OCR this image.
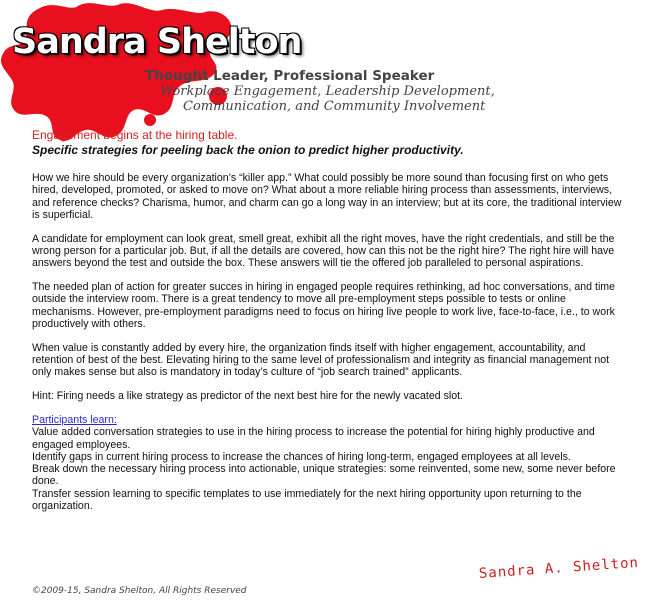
Sandra Shelton
Thought Leader, Professional Speaker
Workplace Engagement, Leadership Development,
Communication, and Community Involvement
Engagement begins at the hiring table.
Specific strategies for peeling back the onion to predict higher productivity.

How we hire should be every organization’s “killer app.” What could possibly be more sound than focusing first on who gets hired, developed, promoted, or asked to move on? What about a more reliable hiring process than assessments, interviews, and reference checks? Charisma, humor, and charm can go a long way in an interview; but at its core, the traditional interview is superficial.

A candidate for employment can look great, smell great, exhibit all the right moves, have the right credentials, and still be the wrong person for a particular job. But, if all the details are covered, how can this not be the right hire? The right hire will have answers beyond the test and outside the box. These answers will tie the offered job paralleled to personal aspirations.

The needed plan of action for greater succes in hiring in engaged people requires rethinking, ad hoc conversations, and time outside the interview room. There is a great tendency to move all pre-employment steps possible to tests or online mechanisms. However, pre-employment paradigms need to focus on hiring live people to work live, face-to-face, i.e., to work productively with others.

When value is constantly added by every hire, the organization finds itself with higher engagement, accountability, and retention of best of the best. Elevating hiring to the same level of professionalism and integrity as financial management not only makes sense but also is mandatory in today’s culture of “job search trained” applicants.

Hint: Firing needs a like strategy as predictor of the next best hire for the newly vacated slot.

Participants learn:
Value added conversation strategies to use in the hiring process to increase the potential for hiring highly productive and engaged employees.
Identify gaps in current hiring process to increase the chances of hiring long-term, engaged employees at all levels.
Break down the necessary hiring process into actionable, unique strategies: some reinvented, some new, some never before done.
Transfer session learning to specific templates to use immediately for the next hiring opportunity upon returning to the organization.
©2009-15, Sandra Shelton, All Rights Reserved
Sandra A. Shelton
